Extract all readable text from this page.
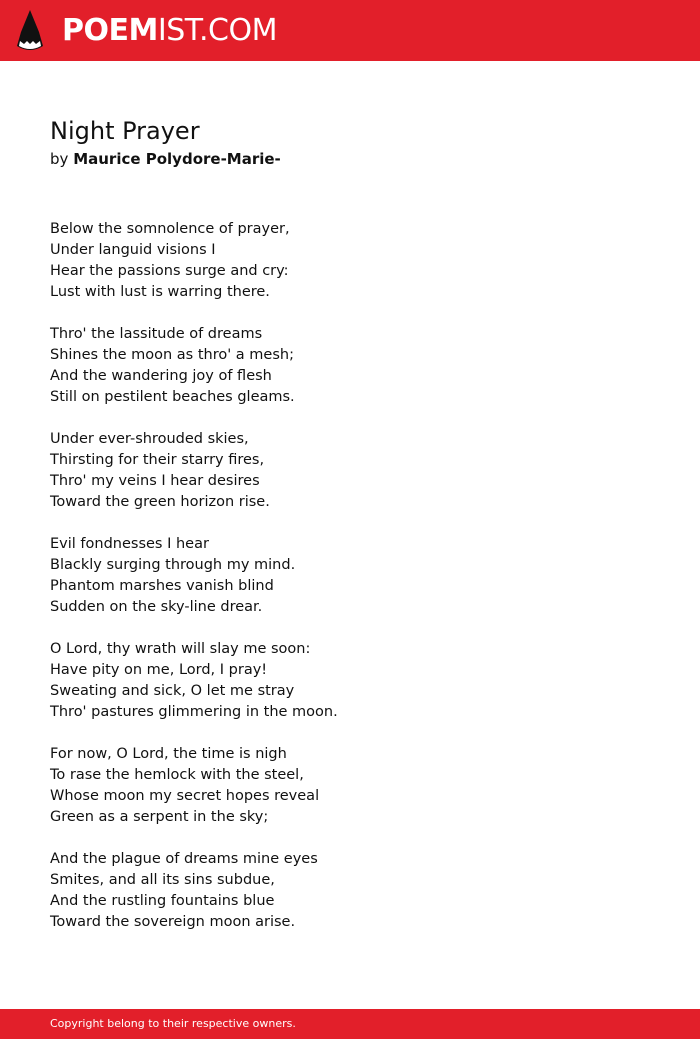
POEMIST.COM
Night Prayer
by Maurice Polydore-Marie-
Below the somnolence of prayer,
Under languid visions I
Hear the passions surge and cry:
Lust with lust is warring there.
Thro' the lassitude of dreams
Shines the moon as thro' a mesh;
And the wandering joy of flesh
Still on pestilent beaches gleams.
Under ever-shrouded skies,
Thirsting for their starry fires,
Thro' my veins I hear desires
Toward the green horizon rise.
Evil fondnesses I hear
Blackly surging through my mind.
Phantom marshes vanish blind
Sudden on the sky-line drear.
O Lord, thy wrath will slay me soon:
Have pity on me, Lord, I pray!
Sweating and sick, O let me stray
Thro' pastures glimmering in the moon.
For now, O Lord, the time is nigh
To rase the hemlock with the steel,
Whose moon my secret hopes reveal
Green as a serpent in the sky;
And the plague of dreams mine eyes
Smites, and all its sins subdue,
And the rustling fountains blue
Toward the sovereign moon arise.
Copyright belong to their respective owners.
